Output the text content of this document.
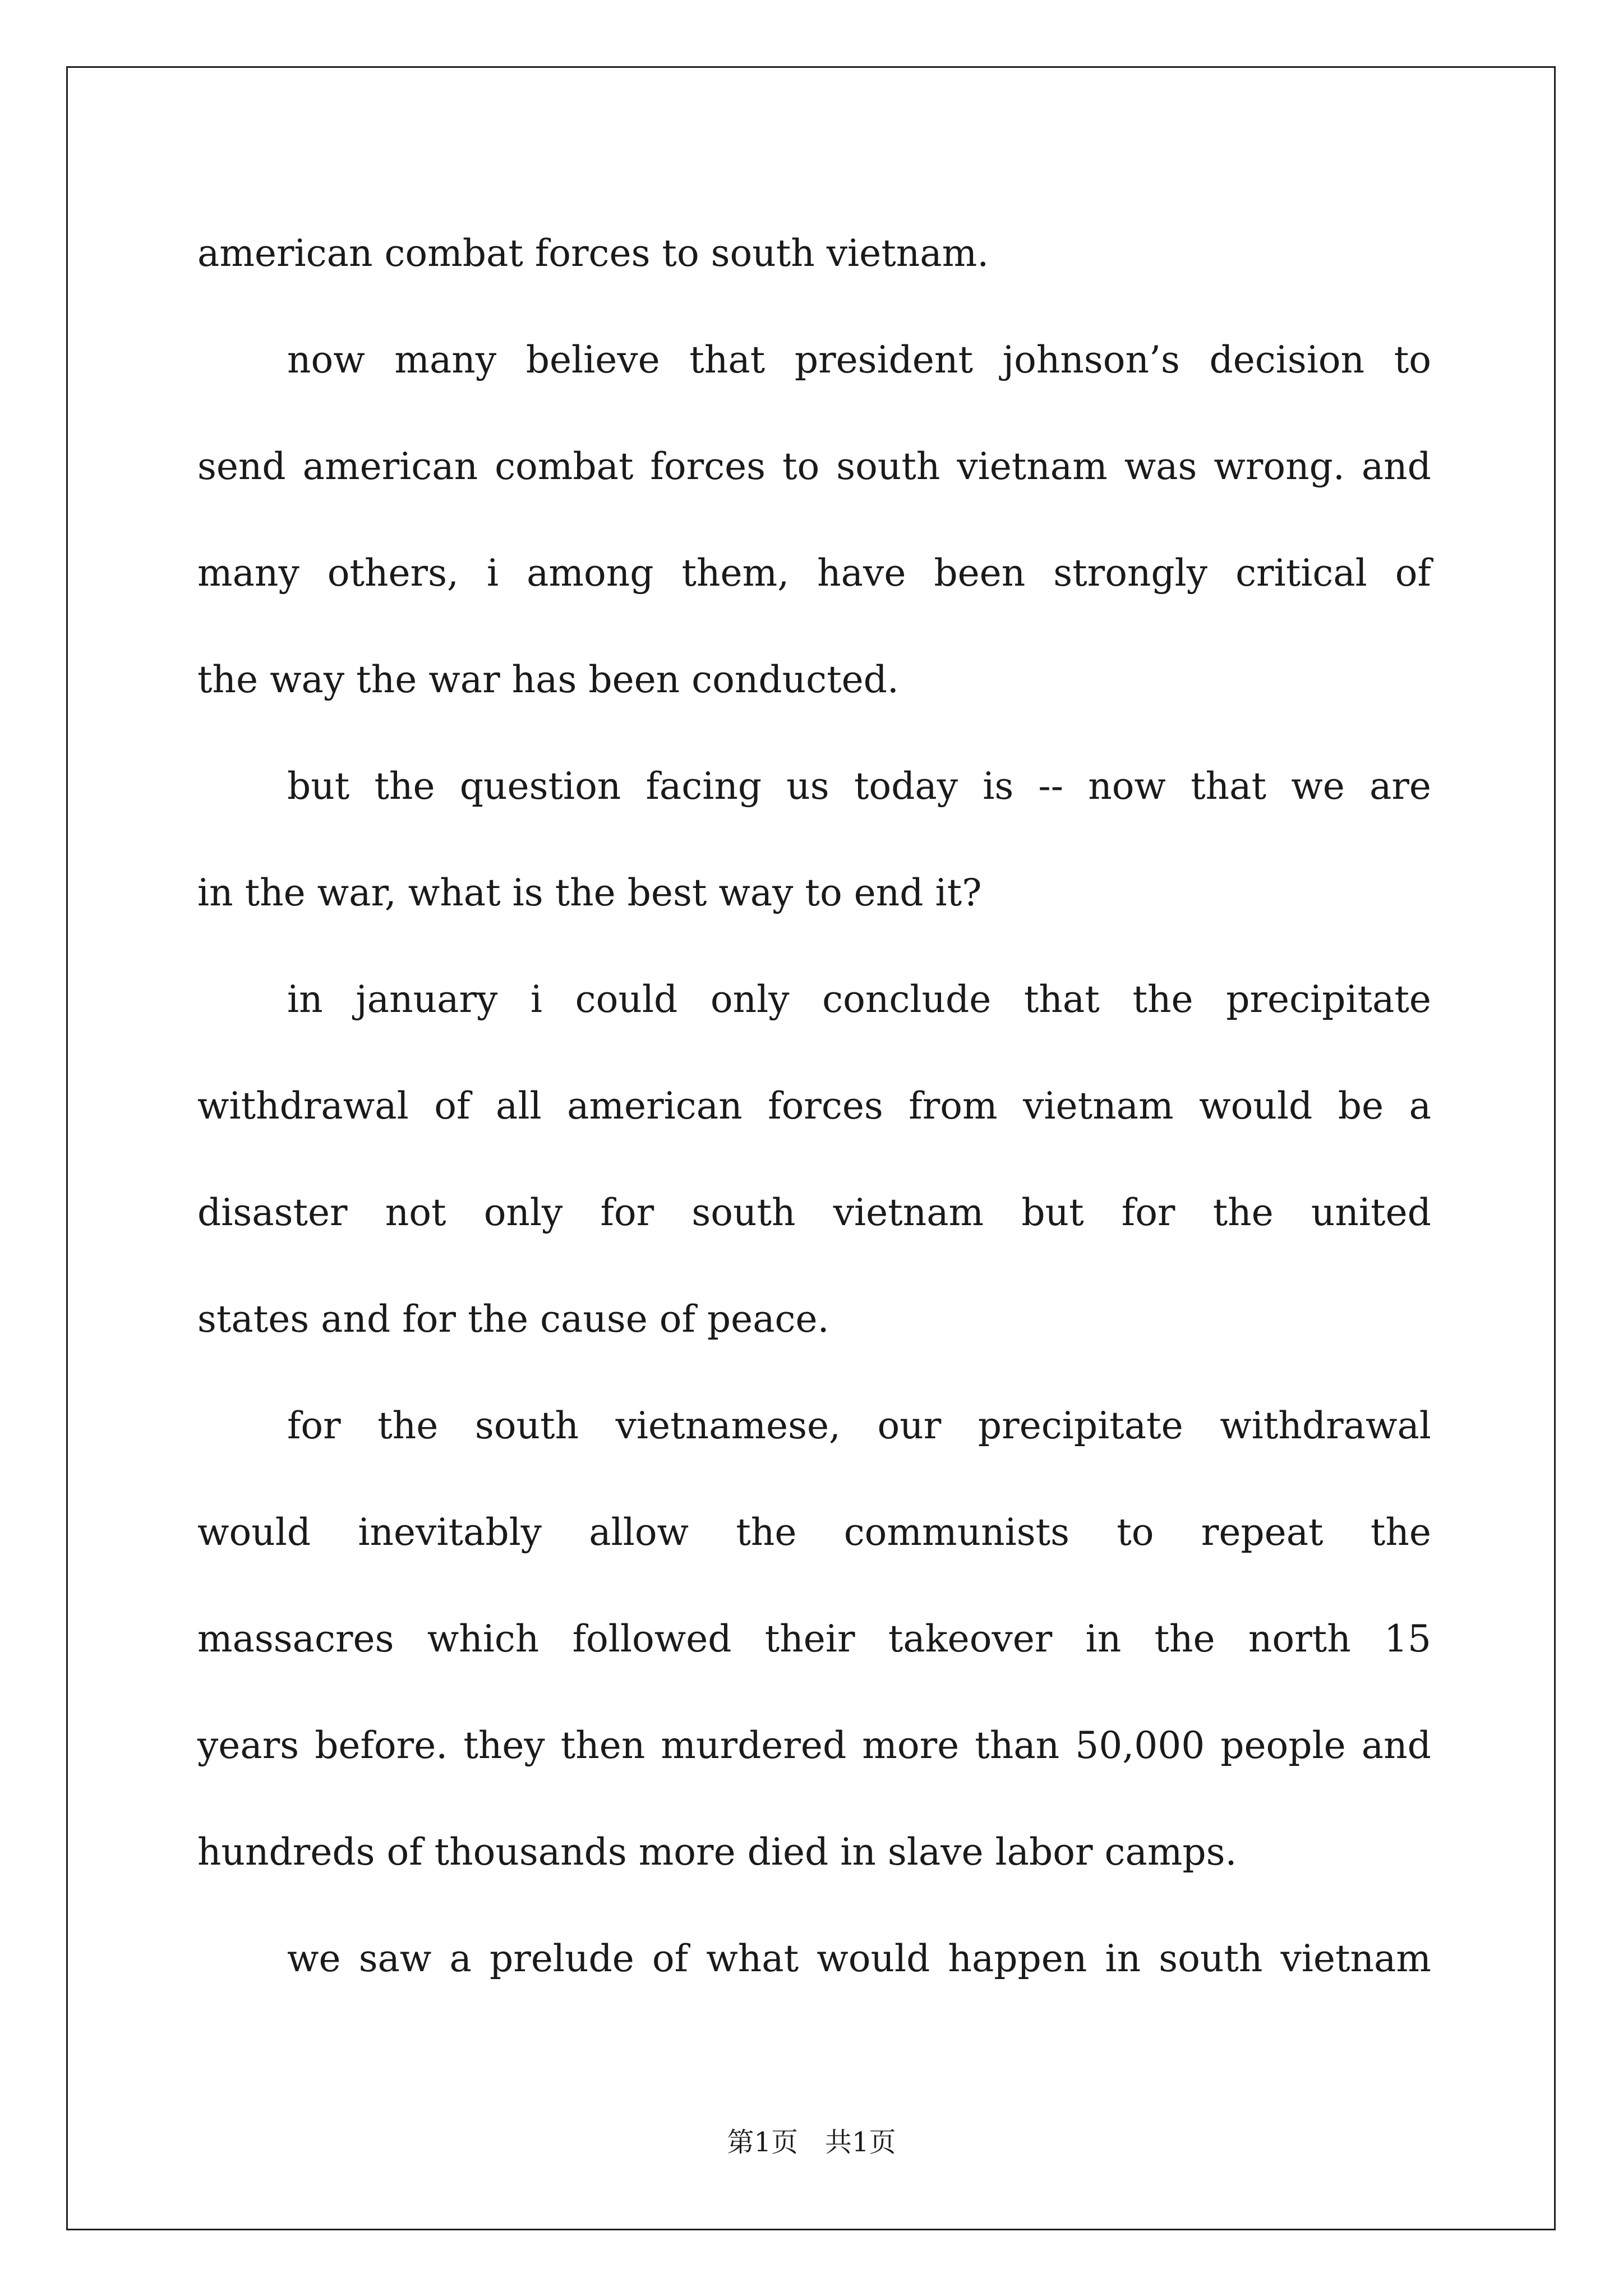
american combat forces to south vietnam.
now many believe that president johnson’s decision to
send american combat forces to south vietnam was wrong. and
many others, i among them, have been strongly critical of
the way the war has been conducted.
but the question facing us today is -- now that we are
in the war, what is the best way to end it?
in january i could only conclude that the precipitate
withdrawal of all american forces from vietnam would be a
disaster not only for south vietnam but for the united
states and for the cause of peace.
for the south vietnamese, our precipitate withdrawal
would inevitably allow the communists to repeat the
massacres which followed their takeover in the north 15
years before. they then murdered more than 50,000 people and
hundreds of thousands more died in slave labor camps.
we saw a prelude of what would happen in south vietnam
第1页　共1页
